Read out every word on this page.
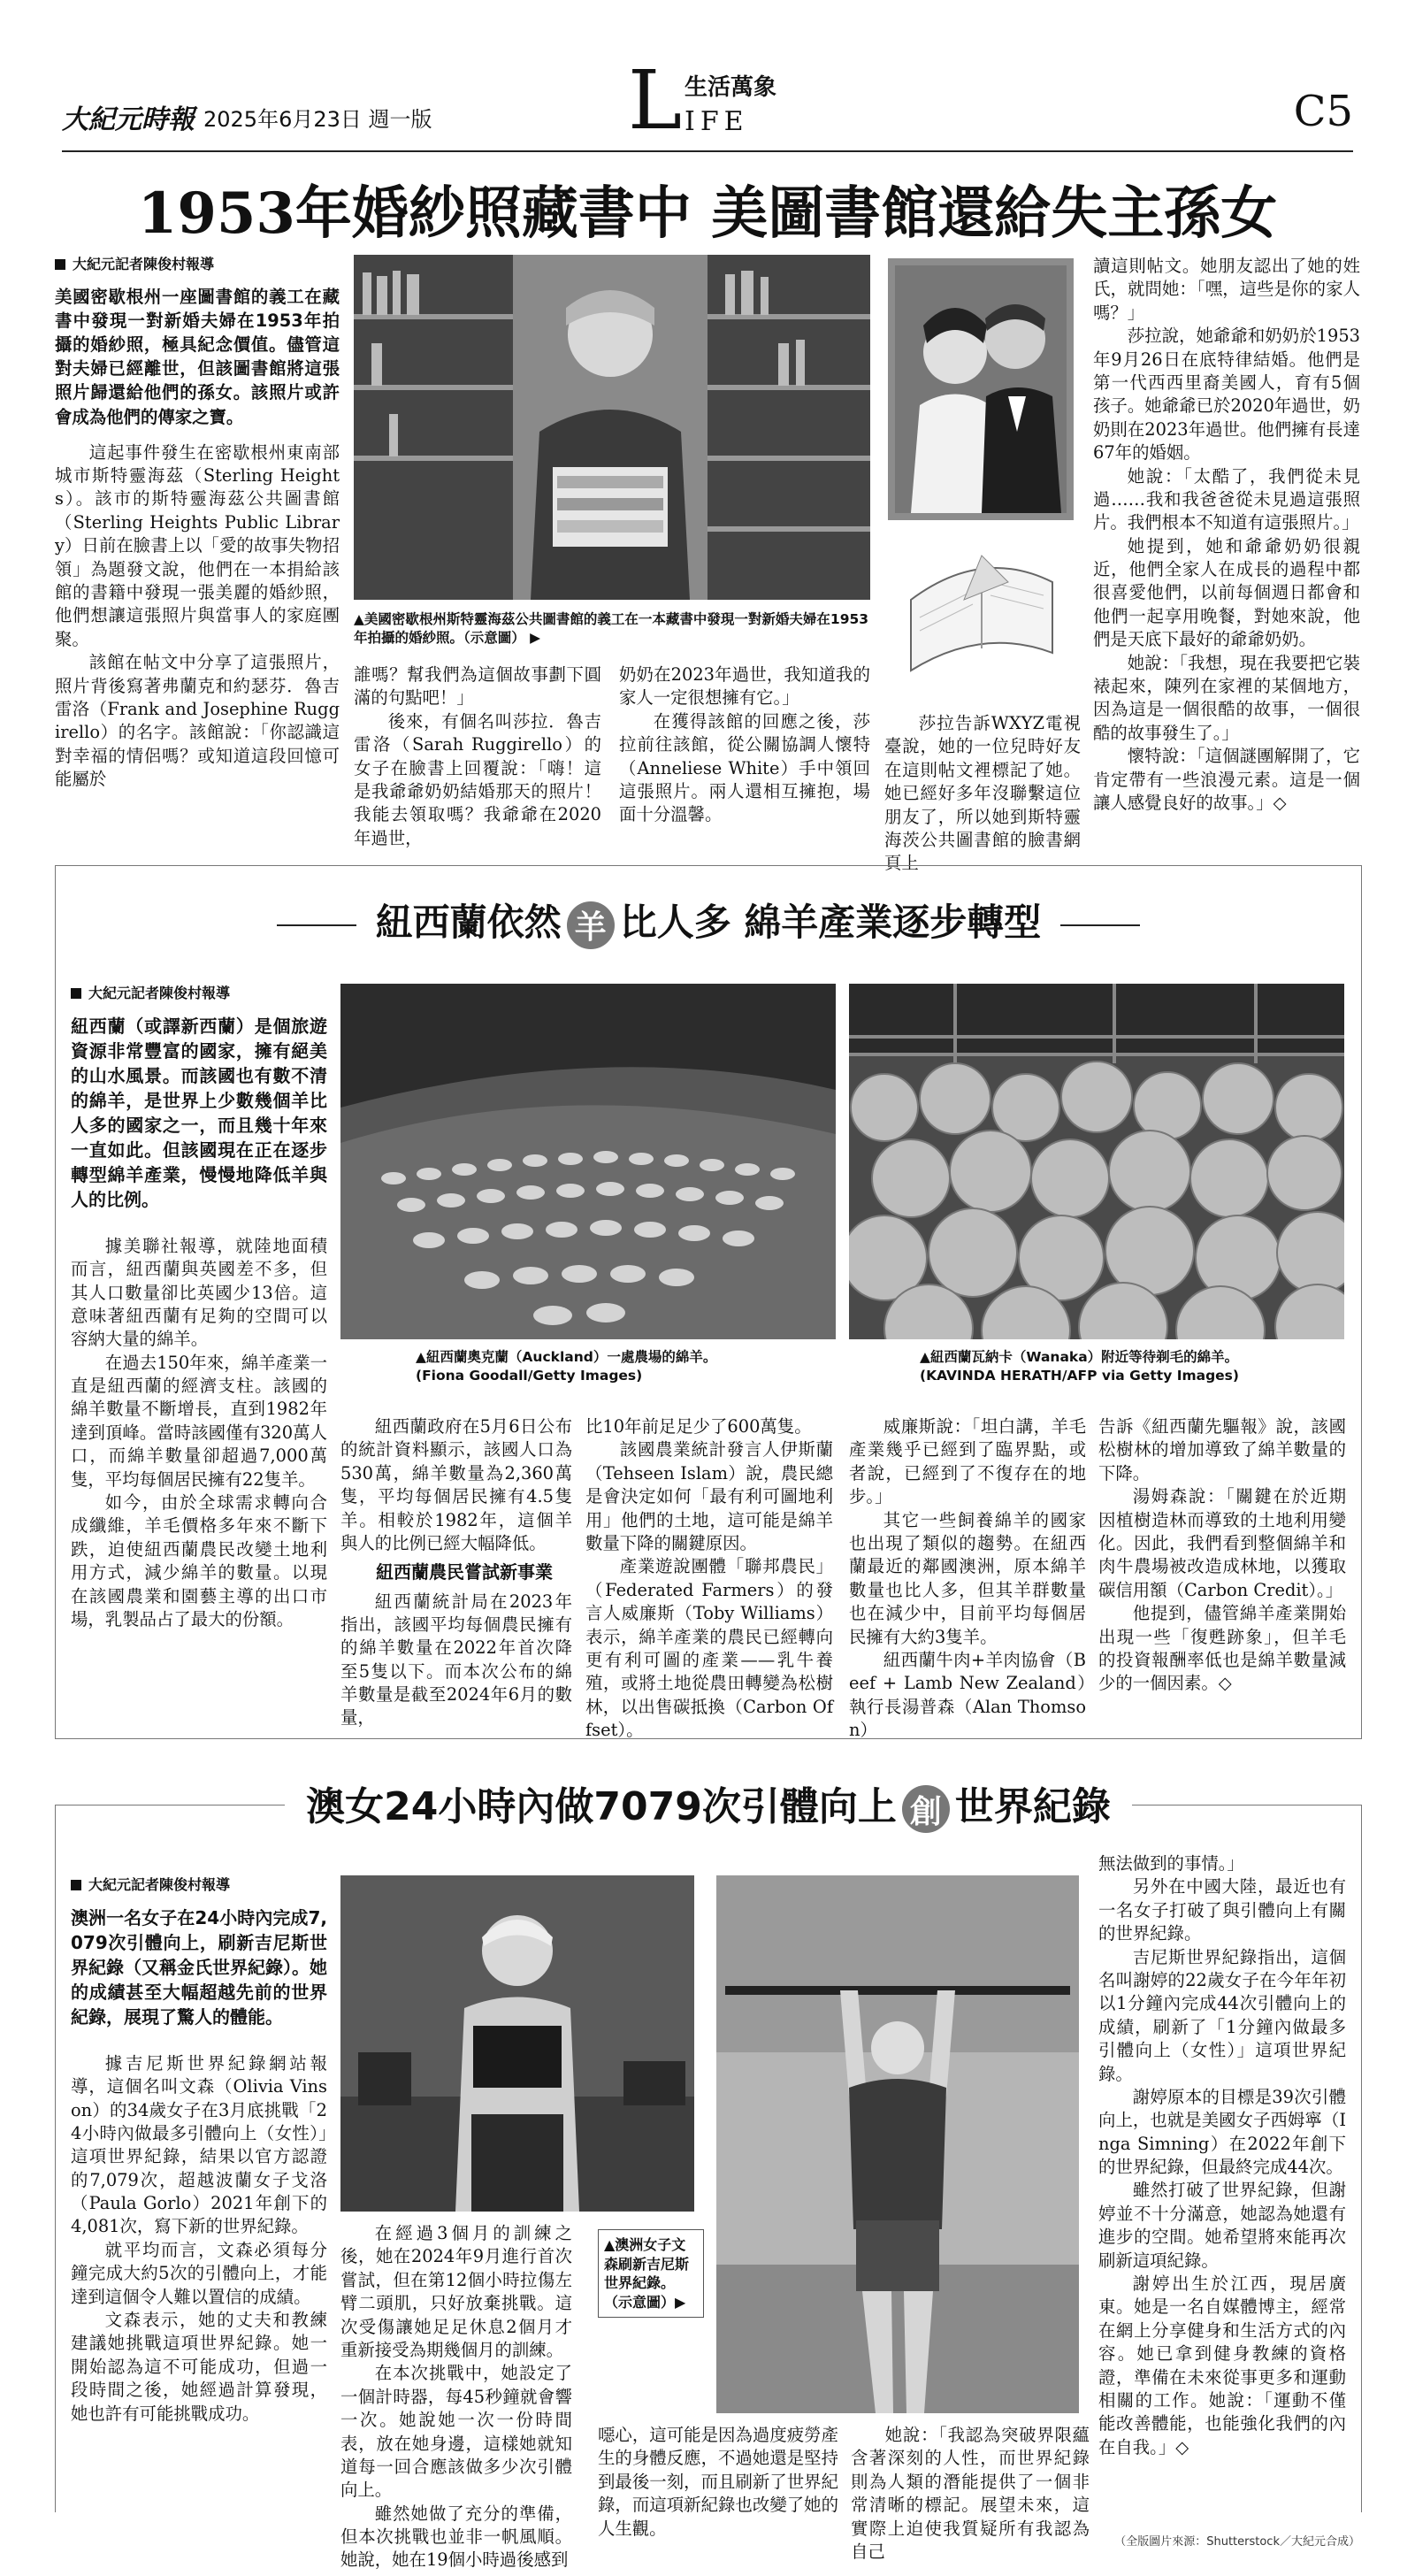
大紀元時報 2025年6月23日 週一版 L 生活萬象
IFE	C5
1953年婚紗照藏書中 美圖書館還給失主孫女
大紀元記者陳俊村報導
美國密歇根州一座圖書館的義工在藏書中發現一對新婚夫婦在1953年拍攝的婚紗照，極具紀念價值。儘管這對夫婦已經離世，但該圖書館將這張照片歸還給他們的孫女。該照片或許會成為他們的傳家之寶。

這起事件發生在密歇根州東南部城市斯特靈海茲（Sterling Heights）。該市的斯特靈海茲公共圖書館（Sterling Heights Public Library）日前在臉書上以「愛的故事失物招領」為題發文說，他們在一本捐給該館的書籍中發現一張美麗的婚紗照，他們想讓這張照片與當事人的家庭團聚。

該館在帖文中分享了這張照片，照片背後寫著弗蘭克和約瑟芬．魯吉雷洛（Frank and Josephine Ruggirello）的名字。該館說：「你認識這對幸福的情侶嗎？或知道這段回憶可能屬於

▲美國密歇根州斯特靈海茲公共圖書館的義工在一本藏書中發現一對新婚夫婦在1953年拍攝的婚紗照。（示意圖） ▶

誰嗎？幫我們為這個故事劃下圓滿的句點吧！」

後來，有個名叫莎拉．魯吉雷洛（Sarah Ruggirello）的女子在臉書上回覆說：「嗨！這是我爺爺奶奶結婚那天的照片！我能去領取嗎？我爺爺在2020年過世，

奶奶在2023年過世，我知道我的家人一定很想擁有它。」

在獲得該館的回應之後，莎拉前往該館，從公關協調人懷特（Anneliese White）手中領回這張照片。兩人還相互擁抱，場面十分溫馨。

莎拉告訴WXYZ電視臺說，她的一位兒時好友在這則帖文裡標記了她。她已經好多年沒聯繫這位朋友了，所以她到斯特靈海茨公共圖書館的臉書網頁上

讀這則帖文。她朋友認出了她的姓氏，就問她：「嘿，這些是你的家人嗎？」

莎拉說，她爺爺和奶奶於1953年9月26日在底特律結婚。他們是第一代西西里裔美國人，育有5個孩子。她爺爺已於2020年過世，奶奶則在2023年過世。他們擁有長達67年的婚姻。

她說：「太酷了，我們從未見過……我和我爸爸從未見過這張照片。我們根本不知道有這張照片。」

她提到，她和爺爺奶奶很親近，他們全家人在成長的過程中都很喜愛他們，以前每個週日都會和他們一起享用晚餐，對她來說，他們是天底下最好的爺爺奶奶。

她說：「我想，現在我要把它裝裱起來，陳列在家裡的某個地方，因為這是一個很酷的故事，一個很酷的故事發生了。」

懷特說：「這個謎團解開了，它肯定帶有一些浪漫元素。這是一個讓人感覺良好的故事。」◇

紐西蘭依然 羊 比人多 綿羊產業逐步轉型
大紀元記者陳俊村報導
紐西蘭（或譯新西蘭）是個旅遊資源非常豐富的國家，擁有絕美的山水風景。而該國也有數不清的綿羊，是世界上少數幾個羊比人多的國家之一，而且幾十年來一直如此。但該國現在正在逐步轉型綿羊產業，慢慢地降低羊與人的比例。

據美聯社報導，就陸地面積而言，紐西蘭與英國差不多，但其人口數量卻比英國少13倍。這意味著紐西蘭有足夠的空間可以容納大量的綿羊。

在過去150年來，綿羊產業一直是紐西蘭的經濟支柱。該國的綿羊數量不斷增長，直到1982年達到頂峰。當時該國僅有320萬人口，而綿羊數量卻超過7,000萬隻，平均每個居民擁有22隻羊。

如今，由於全球需求轉向合成纖維，羊毛價格多年來不斷下跌，迫使紐西蘭農民改變土地利用方式，減少綿羊的數量。以現在該國農業和園藝主導的出口市場，乳製品占了最大的份額。

▲紐西蘭奧克蘭（Auckland）一處農場的綿羊。
(Fiona Goodall/Getty Images)
▲紐西蘭瓦納卡（Wanaka）附近等待剃毛的綿羊。
(KAVINDA HERATH/AFP via Getty Images)

紐西蘭政府在5月6日公布的統計資料顯示，該國人口為530萬，綿羊數量為2,360萬隻，平均每個居民擁有4.5隻羊。相較於1982年，這個羊與人的比例已經大幅降低。

紐西蘭農民嘗試新事業

紐西蘭統計局在2023年指出，該國平均每個農民擁有的綿羊數量在2022年首次降至5隻以下。而本次公布的綿羊數量是截至2024年6月的數量，

比10年前足足少了600萬隻。

該國農業統計發言人伊斯蘭（Tehseen Islam）說，農民總是會決定如何「最有利可圖地利用」他們的土地，這可能是綿羊數量下降的關鍵原因。

產業遊說團體「聯邦農民」（Federated Farmers）的發言人威廉斯（Toby Williams）表示，綿羊產業的農民已經轉向更有利可圖的產業——乳牛養殖，或將土地從農田轉變為松樹林，以出售碳抵換（Carbon Offset）。

威廉斯說：「坦白講，羊毛產業幾乎已經到了臨界點，或者說，已經到了不復存在的地步。」

其它一些飼養綿羊的國家也出現了類似的趨勢。在紐西蘭最近的鄰國澳洲，原本綿羊數量也比人多，但其羊群數量也在減少中，目前平均每個居民擁有大約3隻羊。

紐西蘭牛肉+羊肉協會（Beef + Lamb New Zealand）執行長湯普森（Alan Thomson）

告訴《紐西蘭先驅報》說，該國松樹林的增加導致了綿羊數量的下降。

湯姆森說：「關鍵在於近期因植樹造林而導致的土地利用變化。因此，我們看到整個綿羊和肉牛農場被改造成林地，以獲取碳信用額（Carbon Credit）。」

他提到，儘管綿羊產業開始出現一些「復甦跡象」，但羊毛的投資報酬率低也是綿羊數量減少的一個因素。◇

澳女24小時內做7079次引體向上 創 世界紀錄
大紀元記者陳俊村報導
澳洲一名女子在24小時內完成7,079次引體向上，刷新吉尼斯世界紀錄（又稱金氏世界紀錄）。她的成績甚至大幅超越先前的世界紀錄，展現了驚人的體能。

據吉尼斯世界紀錄網站報導，這個名叫文森（Olivia Vinson）的34歲女子在3月底挑戰「24小時內做最多引體向上（女性）」這項世界紀錄，結果以官方認證的7,079次，超越波蘭女子戈洛（Paula Gorlo）2021年創下的4,081次，寫下新的世界紀錄。

就平均而言，文森必須每分鐘完成大約5次的引體向上，才能達到這個令人難以置信的成績。

文森表示，她的丈夫和教練建議她挑戰這項世界紀錄。她一開始認為這不可能成功，但過一段時間之後，她經過計算發現，她也許有可能挑戰成功。

在經過3個月的訓練之後，她在2024年9月進行首次嘗試，但在第12個小時拉傷左臂二頭肌，只好放棄挑戰。這次受傷讓她足足休息2個月才重新接受為期幾個月的訓練。

在本次挑戰中，她設定了一個計時器，每45秒鐘就會響一次。她說她一次一份時間表，放在她身邊，這樣她就知道每一回合應該做多少次引體向上。

雖然她做了充分的準備，但本次挑戰也並非一帆風順。她說，她在19個小時過後感到

▲澳洲女子文森刷新吉尼斯世界紀錄。
（示意圖）▶

噁心，這可能是因為過度疲勞產生的身體反應，不過她還是堅持到最後一刻，而且刷新了世界紀錄，而這項新紀錄也改變了她的人生觀。

她說：「我認為突破界限蘊含著深刻的人性，而世界紀錄則為人類的潛能提供了一個非常清晰的標記。展望未來，這實際上迫使我質疑所有我認為自己

無法做到的事情。」

另外在中國大陸，最近也有一名女子打破了與引體向上有關的世界紀錄。

吉尼斯世界紀錄指出，這個名叫謝婷的22歲女子在今年年初以1分鐘內完成44次引體向上的成績，刷新了「1分鐘內做最多引體向上（女性）」這項世界紀錄。

謝婷原本的目標是39次引體向上，也就是美國女子西姆寧（Inga Simning）在2022年創下的世界紀錄，但最終完成44次。

雖然打破了世界紀錄，但謝婷並不十分滿意，她認為她還有進步的空間。她希望將來能再次刷新這項紀錄。

謝婷出生於江西，現居廣東。她是一名自媒體博主，經常在網上分享健身和生活方式的內容。她已拿到健身教練的資格證，準備在未來從事更多和運動相關的工作。她說：「運動不僅能改善體能，也能強化我們的內在自我。」◇

（全版圖片來源：Shutterstock／大紀元合成）
